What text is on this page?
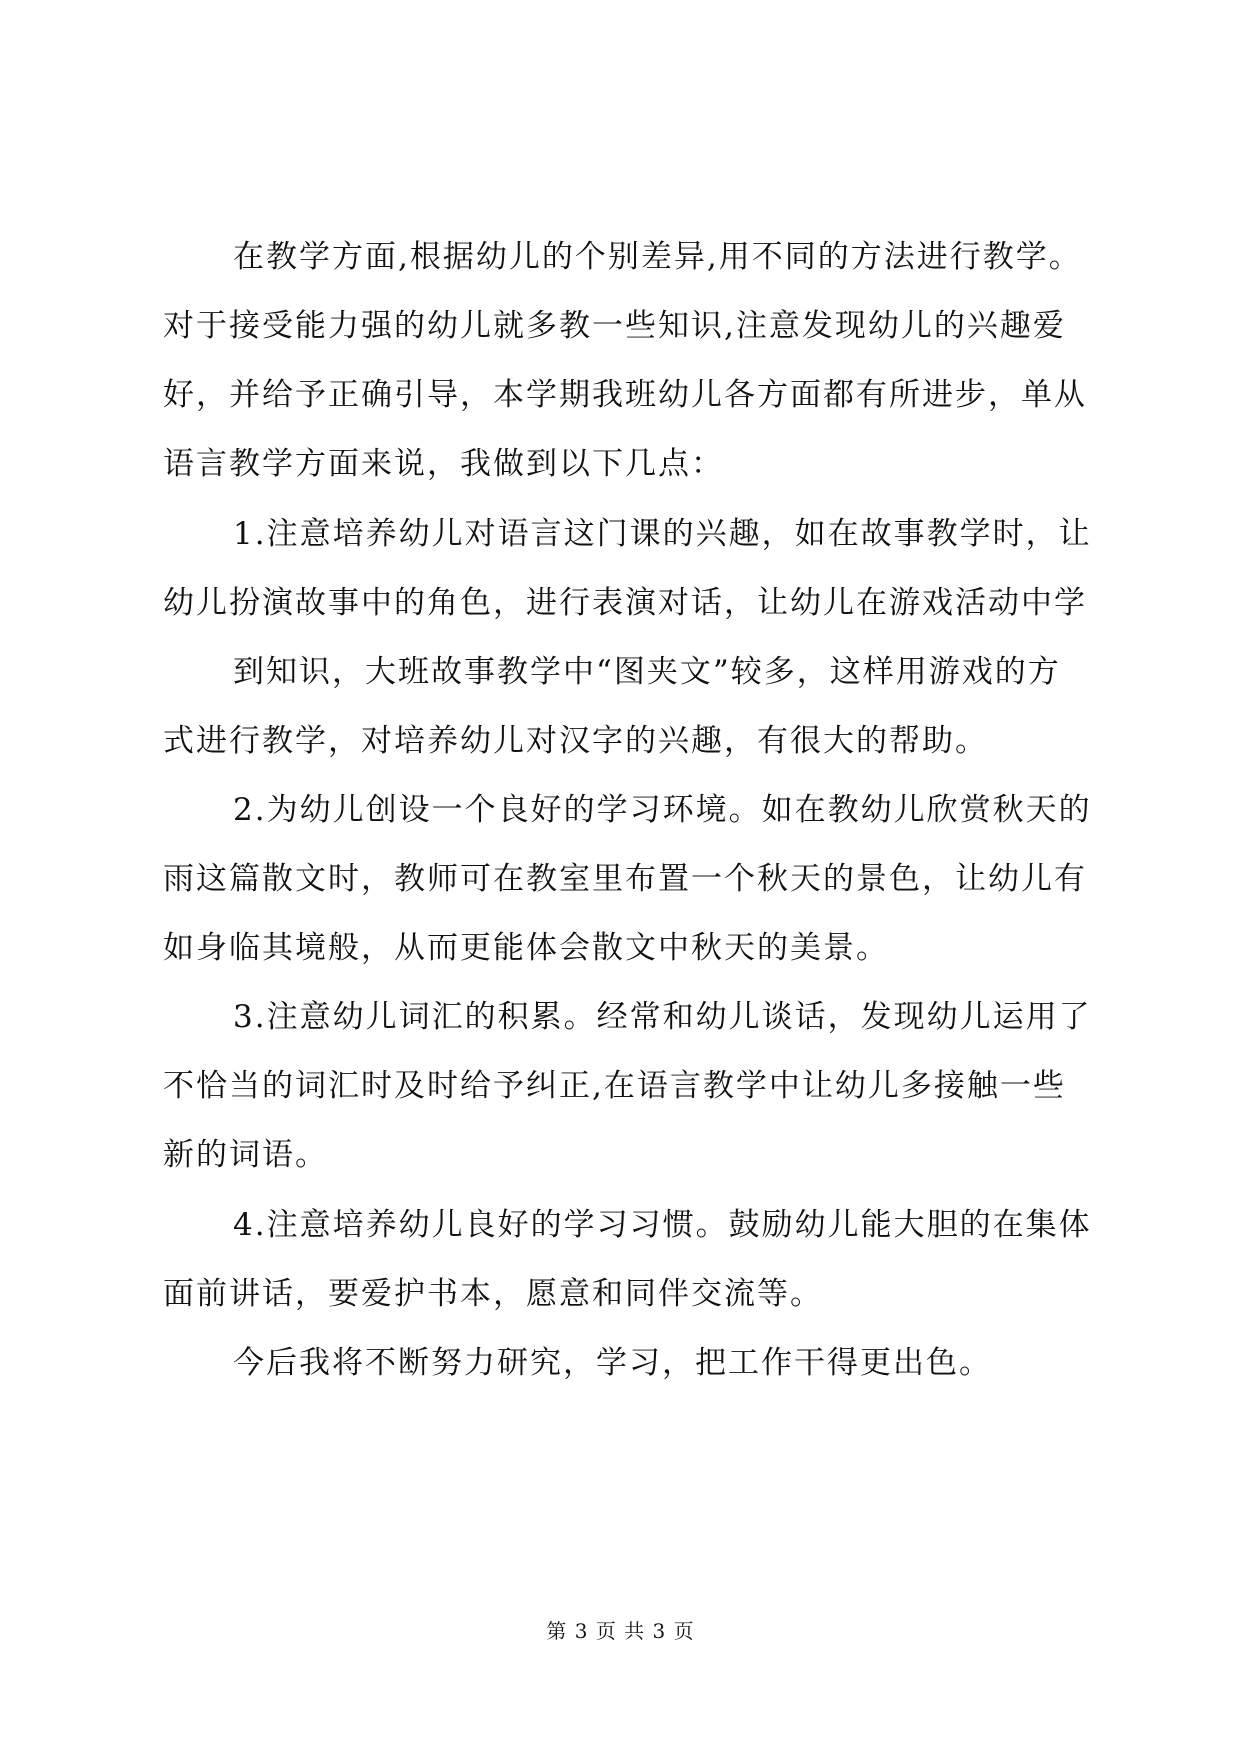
在教学方面,根据幼儿的个别差异,用不同的方法进行教学。
对于接受能力强的幼儿就多教一些知识,注意发现幼儿的兴趣爱
好，并给予正确引导，本学期我班幼儿各方面都有所进步，单从
语言教学方面来说，我做到以下几点：
1.注意培养幼儿对语言这门课的兴趣，如在故事教学时，让
幼儿扮演故事中的角色，进行表演对话，让幼儿在游戏活动中学
到知识，大班故事教学中“图夹文”较多，这样用游戏的方
式进行教学，对培养幼儿对汉字的兴趣，有很大的帮助。
2.为幼儿创设一个良好的学习环境。如在教幼儿欣赏秋天的
雨这篇散文时，教师可在教室里布置一个秋天的景色，让幼儿有
如身临其境般，从而更能体会散文中秋天的美景。
3.注意幼儿词汇的积累。经常和幼儿谈话，发现幼儿运用了
不恰当的词汇时及时给予纠正,在语言教学中让幼儿多接触一些
新的词语。
4.注意培养幼儿良好的学习习惯。鼓励幼儿能大胆的在集体
面前讲话，要爱护书本，愿意和同伴交流等。
今后我将不断努力研究，学习，把工作干得更出色。
第 3 页 共 3 页
